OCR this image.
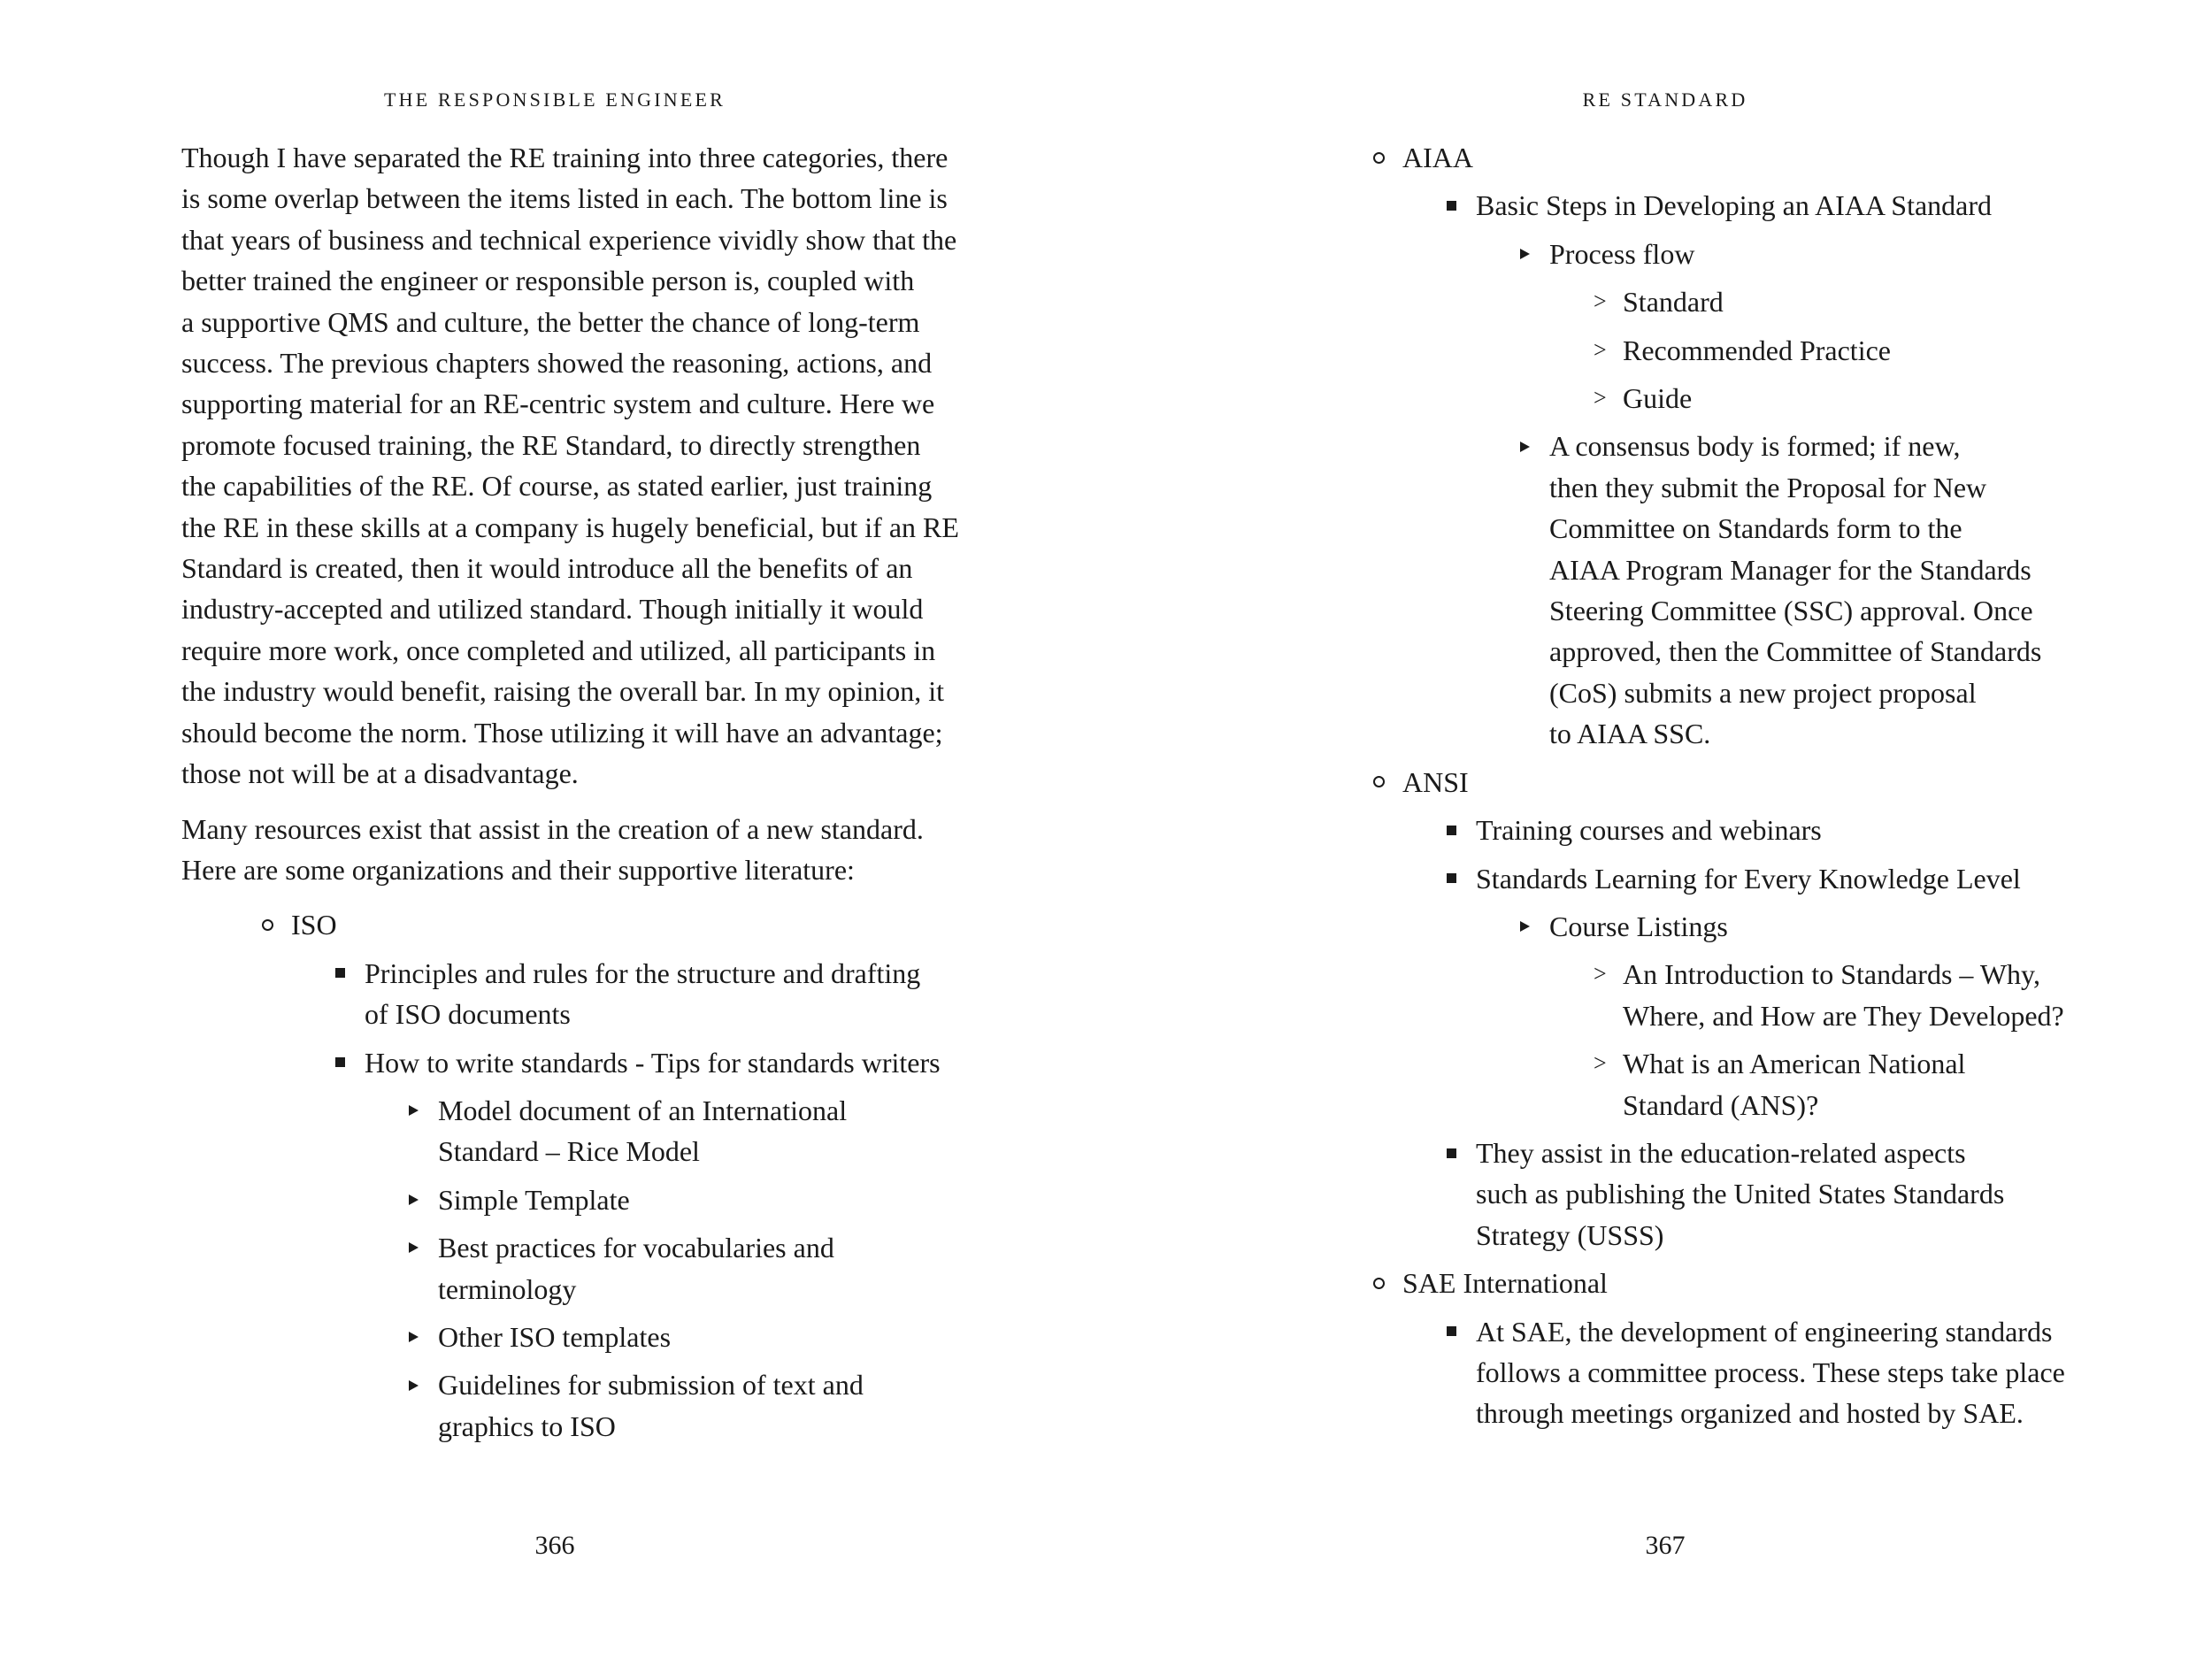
THE RESPONSIBLE ENGINEER

Though I have separated the RE training into three categories, there
is some overlap between the items listed in each. The bottom line is
that years of business and technical experience vividly show that the
better trained the engineer or responsible person is, coupled with
a supportive QMS and culture, the better the chance of long-term
success. The previous chapters showed the reasoning, actions, and
supporting material for an RE-centric system and culture. Here we
promote focused training, the RE Standard, to directly strengthen
the capabilities of the RE. Of course, as stated earlier, just training
the RE in these skills at a company is hugely beneficial, but if an RE
Standard is created, then it would introduce all the benefits of an
industry-accepted and utilized standard. Though initially it would
require more work, once completed and utilized, all participants in
the industry would benefit, raising the overall bar. In my opinion, it
should become the norm. Those utilizing it will have an advantage;
those not will be at a disadvantage.

Many resources exist that assist in the creation of a new standard.
Here are some organizations and their supportive literature:

ISO
Principles and rules for the structure and drafting
of ISO documents
How to write standards - Tips for standards writers
Model document of an International
Standard – Rice Model
Simple Template
Best practices for vocabularies and
terminology
Other ISO templates
Guidelines for submission of text and
graphics to ISO
366
RE STANDARD
AIAA
Basic Steps in Developing an AIAA Standard
Process flow
> Standard
> Recommended Practice
> Guide
A consensus body is formed; if new,
then they submit the Proposal for New
Committee on Standards form to the
AIAA Program Manager for the Standards
Steering Committee (SSC) approval. Once
approved, then the Committee of Standards
(CoS) submits a new project proposal
to AIAA SSC.
ANSI
Training courses and webinars
Standards Learning for Every Knowledge Level
Course Listings
> An Introduction to Standards – Why,
Where, and How are They Developed?
> What is an American National
Standard (ANS)?
They assist in the education-related aspects
such as publishing the United States Standards
Strategy (USSS)
SAE International
At SAE, the development of engineering standards
follows a committee process. These steps take place
through meetings organized and hosted by SAE.
367
